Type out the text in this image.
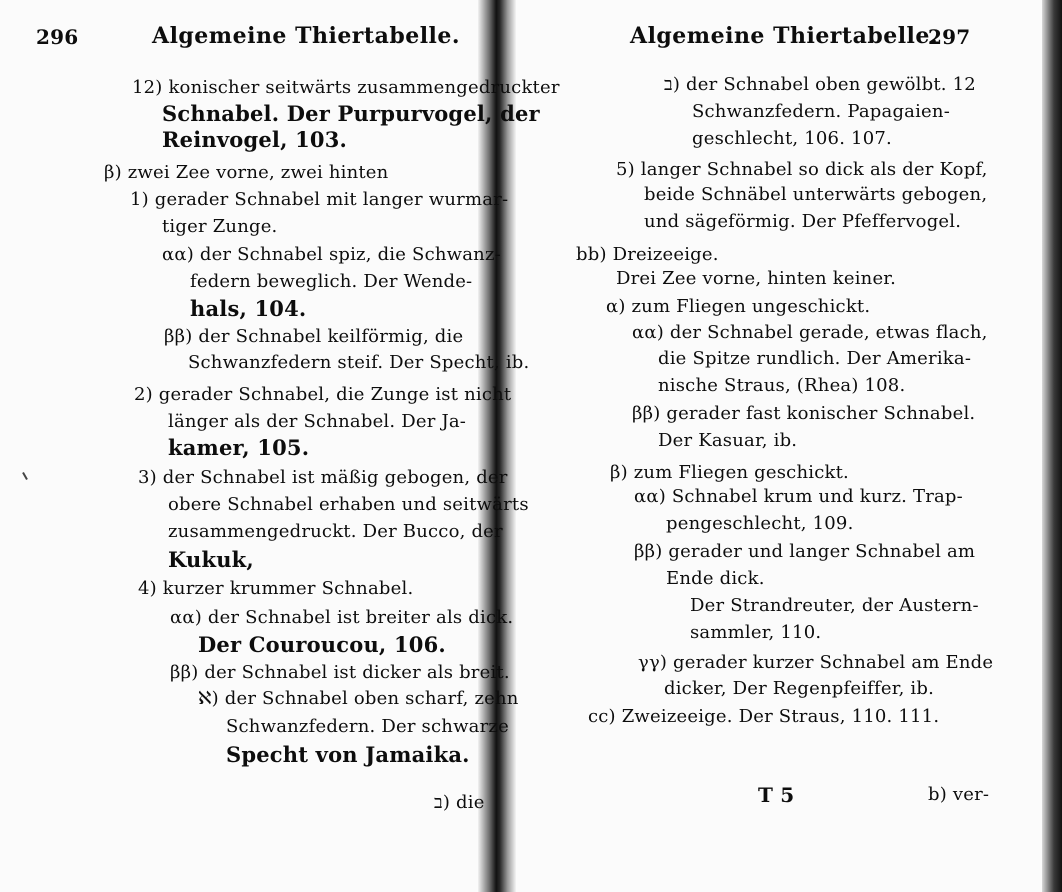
296	Algemeine Thiertabelle.
12) konischer seitwärts zusammengedruckter
Schnabel. Der Purpurvogel, der
Reinvogel, 103.
β) zwei Zee vorne, zwei hinten
1) gerader Schnabel mit langer wurmar-
tiger Zunge.
αα) der Schnabel spiz, die Schwanz-
federn beweglich. Der Wende-
hals, 104.
ββ) der Schnabel keilförmig, die
Schwanzfedern steif. Der Specht, ib.
2) gerader Schnabel, die Zunge ist nicht
länger als der Schnabel. Der Ja-
kamer, 105.
3) der Schnabel ist mäßig gebogen, der
obere Schnabel erhaben und seitwärts
zusammengedruckt. Der Bucco, der
Kukuk,
4) kurzer krummer Schnabel.
αα) der Schnabel ist breiter als dick.
Der Couroucou, 106.
ββ) der Schnabel ist dicker als breit.
ℵ) der Schnabel oben scharf, zehn
Schwanzfedern. Der schwarze
Specht von Jamaika.
ב) die
Algemeine Thiertabelle.
297
ב) der Schnabel oben gewölbt. 12
Schwanzfedern. Papagaien-
geschlecht, 106. 107.
5) langer Schnabel so dick als der Kopf,
beide Schnäbel unterwärts gebogen,
und sägeförmig. Der Pfeffervogel.
bb) Dreizeeige.
Drei Zee vorne, hinten keiner.
α) zum Fliegen ungeschickt.
αα) der Schnabel gerade, etwas flach,
die Spitze rundlich. Der Amerika-
nische Straus, (Rhea) 108.
ββ) gerader fast konischer Schnabel.
Der Kasuar, ib.
β) zum Fliegen geschickt.
αα) Schnabel krum und kurz. Trap-
pengeschlecht, 109.
ββ) gerader und langer Schnabel am
Ende dick.
Der Strandreuter, der Austern-
sammler, 110.
γγ) gerader kurzer Schnabel am Ende
dicker, Der Regenpfeiffer, ib.
cc) Zweizeeige. Der Straus, 110. 111.
T 5	b) ver-
